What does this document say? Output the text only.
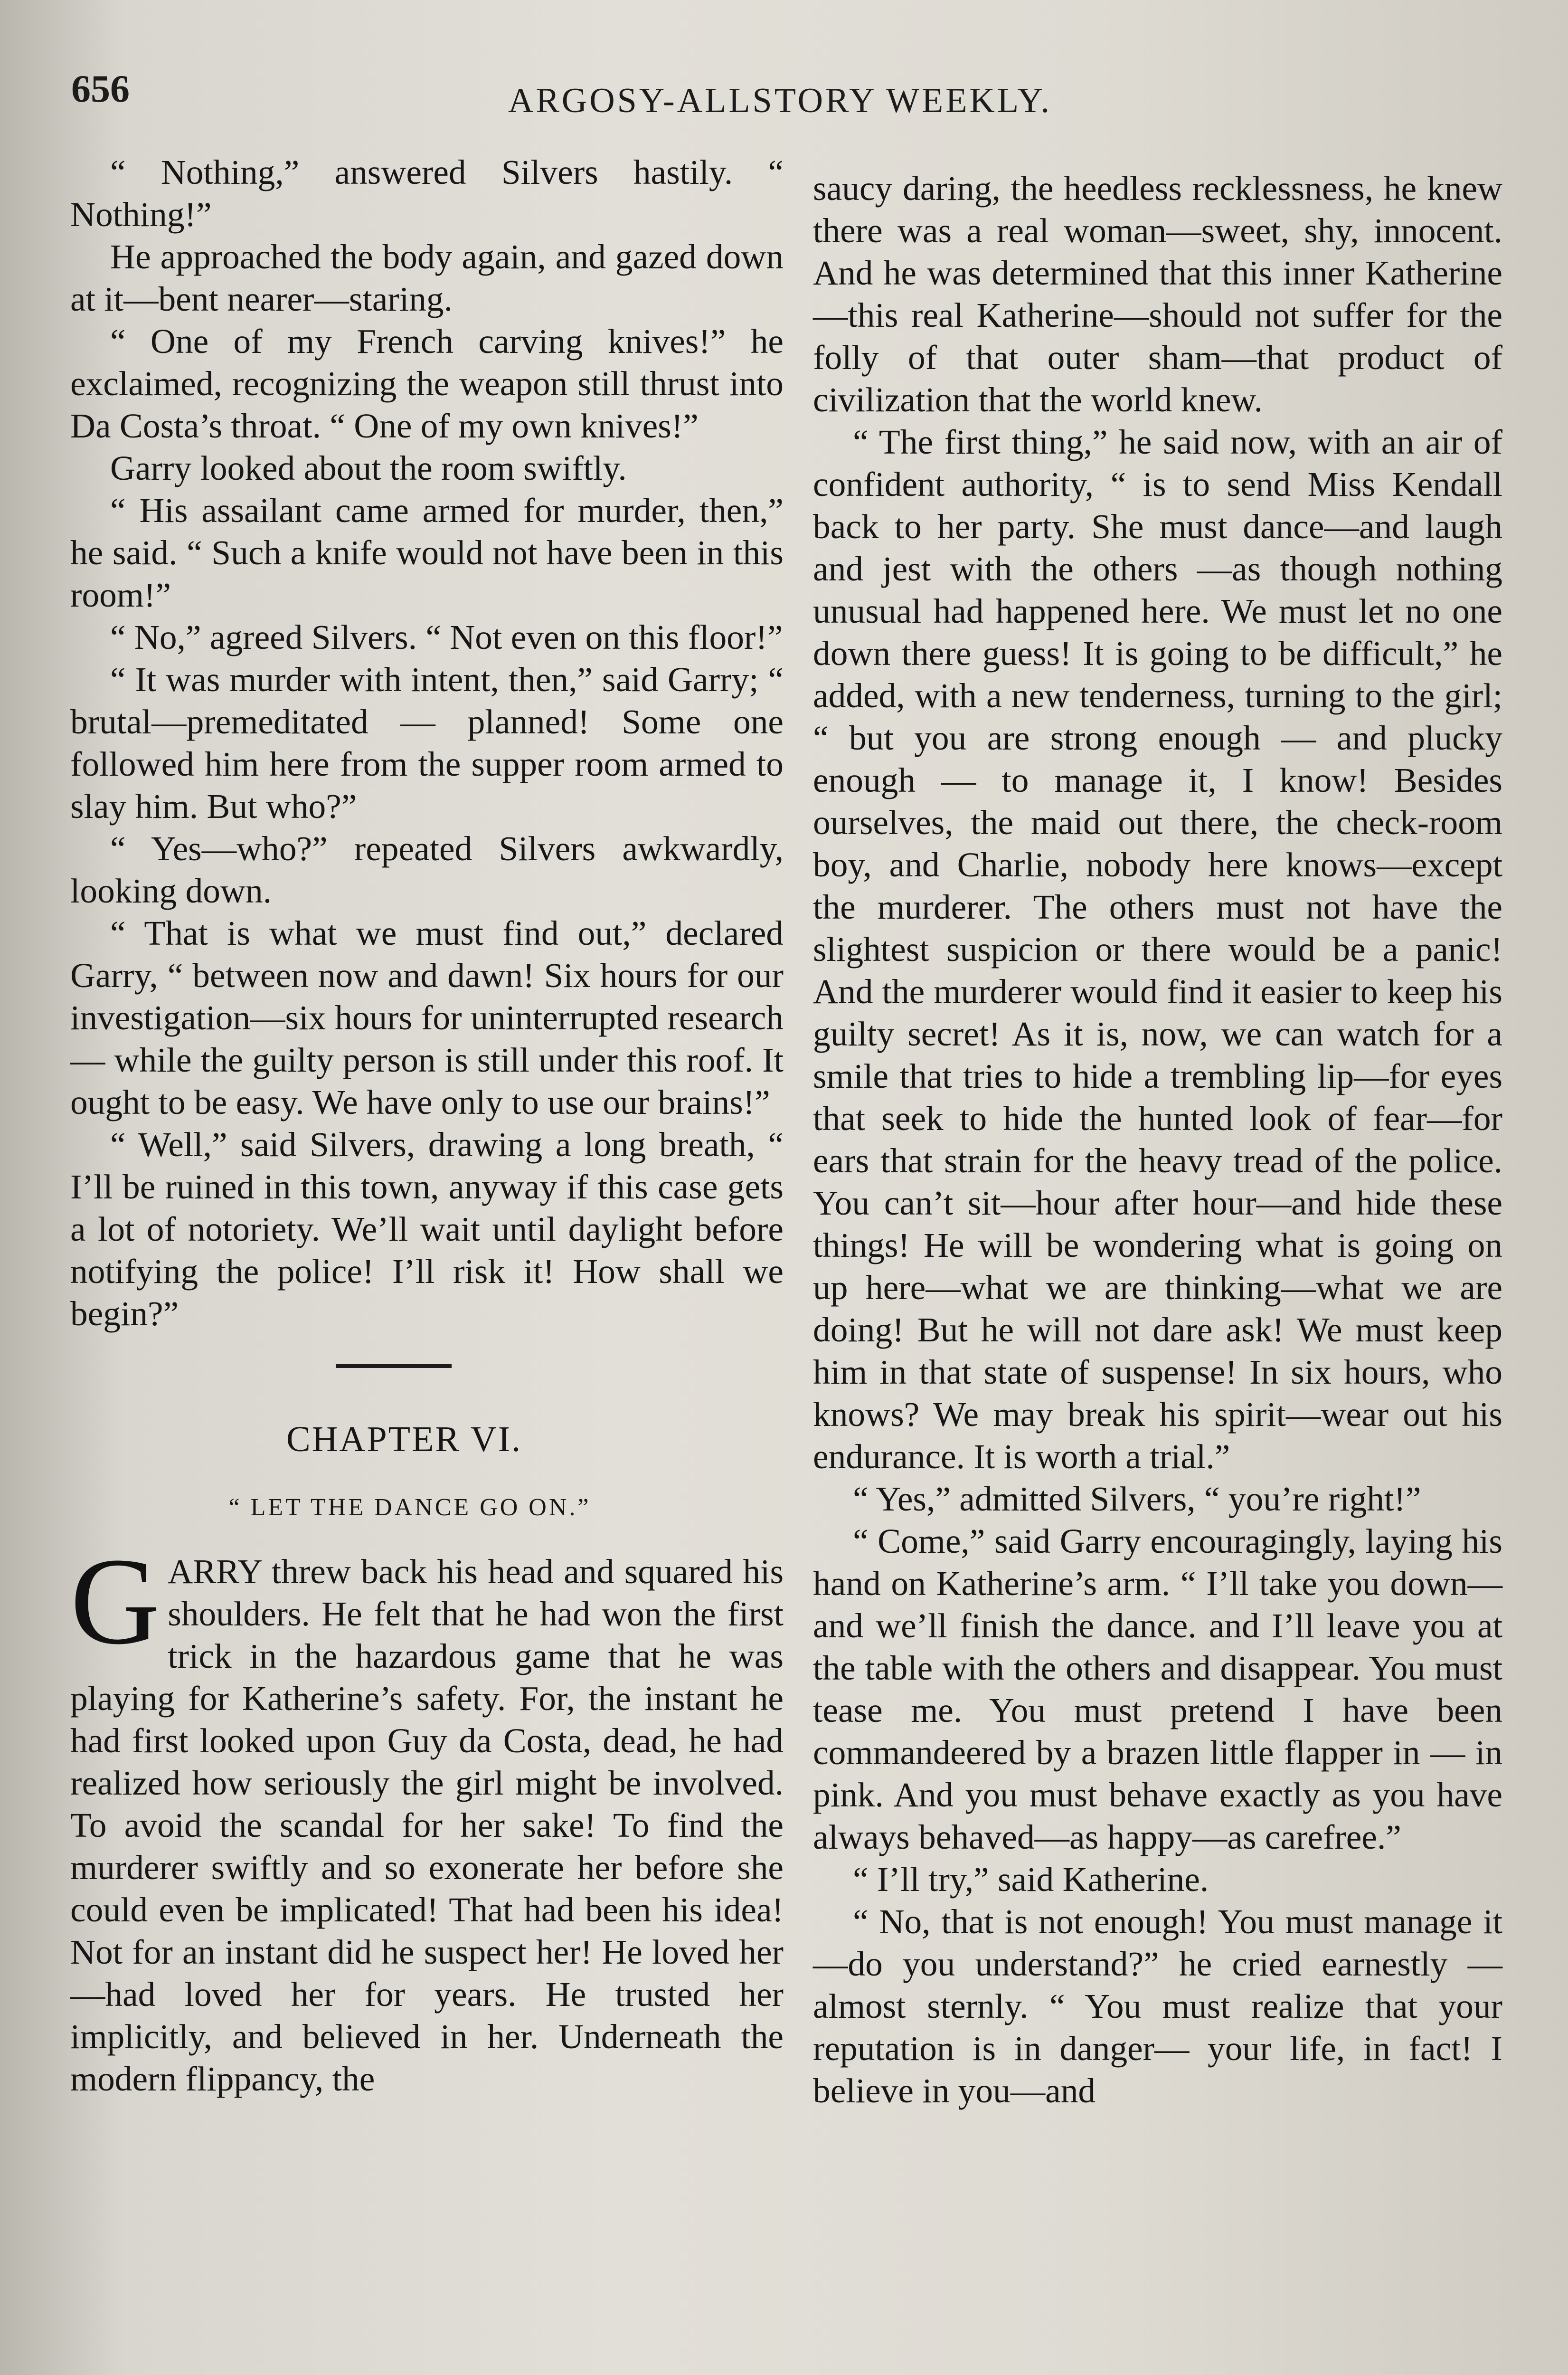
656	ARGOSY-ALLSTORY WEEKLY.

“ Nothing,” answered Silvers hastily. “ Nothing!”

He approached the body again, and gazed down at it—bent nearer—staring.

“ One of my French carving knives!” he exclaimed, recognizing the weapon still thrust into Da Costa’s throat. “ One of my own knives!”

Garry looked about the room swiftly.

“ His assailant came armed for murder, then,” he said. “ Such a knife would not have been in this room!”

“ No,” agreed Silvers. “ Not even on this floor!”

“ It was murder with intent, then,” said Garry; “ brutal—premeditated — planned! Some one followed him here from the supper room armed to slay him. But who?”

“ Yes—who?” repeated Silvers awkwardly, looking down.

“ That is what we must find out,” declared Garry, “ between now and dawn! Six hours for our investigation—six hours for uninterrupted research — while the guilty person is still under this roof. It ought to be easy. We have only to use our brains!”

“ Well,” said Silvers, drawing a long breath, “ I’ll be ruined in this town, anyway if this case gets a lot of notoriety. We’ll wait until daylight before notifying the police! I’ll risk it! How shall we begin?”

CHAPTER VI.
“ LET THE DANCE GO ON.”

GARRY threw back his head and squared his shoulders. He felt that he had won the first trick in the hazardous game that he was playing for Katherine’s safety. For, the instant he had first looked upon Guy da Costa, dead, he had realized how seriously the girl might be involved. To avoid the scandal for her sake! To find the murderer swiftly and so exonerate her before she could even be implicated! That had been his idea! Not for an instant did he suspect her! He loved her—had loved her for years. He trusted her implicitly, and believed in her. Underneath the modern flippancy, the

saucy daring, the heedless recklessness, he knew there was a real woman—sweet, shy, innocent. And he was determined that this inner Katherine—this real Katherine—should not suffer for the folly of that outer sham—that product of civilization that the world knew.

“ The first thing,” he said now, with an air of confident authority, “ is to send Miss Kendall back to her party. She must dance—and laugh and jest with the others —as though nothing unusual had happened here. We must let no one down there guess! It is going to be difficult,” he added, with a new tenderness, turning to the girl; “ but you are strong enough — and plucky enough — to manage it, I know! Besides ourselves, the maid out there, the check-room boy, and Charlie, nobody here knows—except the murderer. The others must not have the slightest suspicion or there would be a panic! And the murderer would find it easier to keep his guilty secret! As it is, now, we can watch for a smile that tries to hide a trembling lip—for eyes that seek to hide the hunted look of fear—for ears that strain for the heavy tread of the police. You can’t sit—hour after hour—and hide these things! He will be wondering what is going on up here—what we are thinking—what we are doing! But he will not dare ask! We must keep him in that state of suspense! In six hours, who knows? We may break his spirit—wear out his endurance. It is worth a trial.”

“ Yes,” admitted Silvers, “ you’re right!”

“ Come,” said Garry encouragingly, laying his hand on Katherine’s arm. “ I’ll take you down—and we’ll finish the dance. and I’ll leave you at the table with the others and disappear. You must tease me. You must pretend I have been commandeered by a brazen little flapper in — in pink. And you must behave exactly as you have always behaved—as happy—as carefree.”

“ I’ll try,” said Katherine.

“ No, that is not enough! You must manage it—do you understand?” he cried earnestly — almost sternly. “ You must realize that your reputation is in danger— your life, in fact! I believe in you—and
